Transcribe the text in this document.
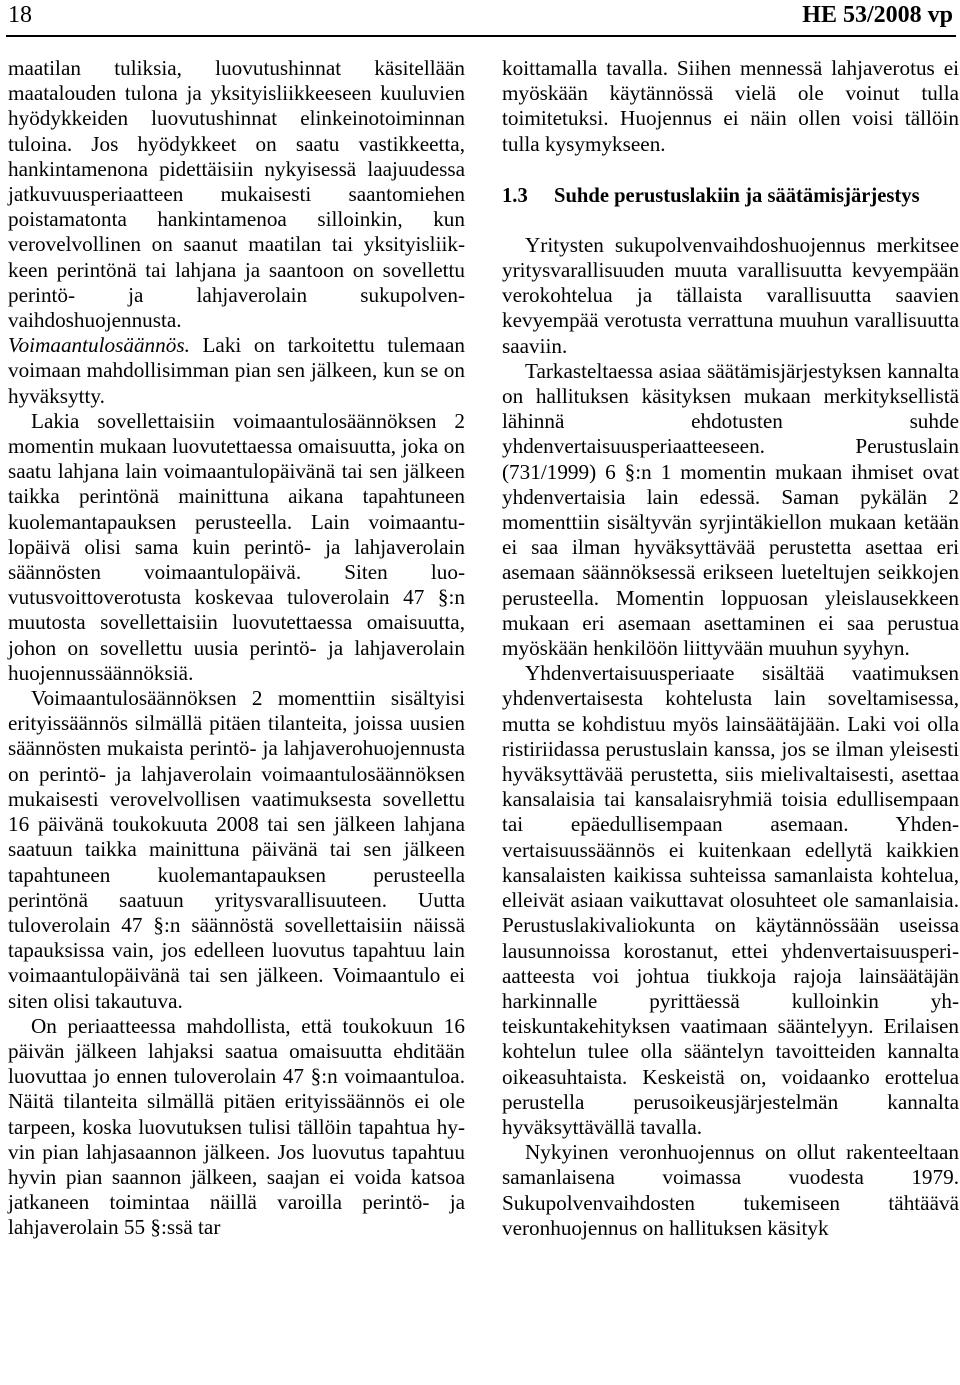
18	HE 53/2008 vp

maatilan tuliksia, luovutushinnat käsitellään maatalouden tulona ja yksityisliikkeeseen kuuluvien hyödykkeiden luovutushinnat elinkeinotoiminnan tuloina. Jos hyödykkeet on saatu vastikkeetta, hankintamenona pidettäisiin nykyisessä laajuudessa jatkuvuusperiaatteen mukaisesti saantomiehen poistamatonta hankintamenoa silloinkin, kun verovelvollinen on saanut maatilan tai yksityisliikkeen perintönä tai lahjana ja saantoon on sovellettu perintö- ja lahjaverolain sukupolvenvaihdoshuojennusta.

Voimaantulosäännös. Laki on tarkoitettu tulemaan voimaan mahdollisimman pian sen jälkeen, kun se on hyväksytty.

Lakia sovellettaisiin voimaantulosäännöksen 2 momentin mukaan luovutettaessa omaisuutta, joka on saatu lahjana lain voimaantulopäivänä tai sen jälkeen taikka perintönä mainittuna aikana tapahtuneen kuolemantapauksen perusteella. Lain voimaantulopäivä olisi sama kuin perintö- ja lahjaverolain säännösten voimaantulopäivä. Siten luovutusvoittoverotusta koskevaa tuloverolain 47 §:n muutosta sovellettaisiin luovutettaessa omaisuutta, johon on sovellettu uusia perintö- ja lahjaverolain huojennussäännöksiä.

Voimaantulosäännöksen 2 momenttiin sisältyisi erityissäännös silmällä pitäen tilanteita, joissa uusien säännösten mukaista perintö- ja lahjaverohuojennusta on perintö- ja lahjaverolain voimaantulosäännöksen mukaisesti verovelvollisen vaatimuksesta sovellettu 16 päivänä toukokuuta 2008 tai sen jälkeen lahjana saatuun taikka mainittuna päivänä tai sen jälkeen tapahtuneen kuolemantapauksen perusteella perintönä saatuun yritysvarallisuuteen. Uutta tuloverolain 47 §:n säännöstä sovellettaisiin näissä tapauksissa vain, jos edelleen luovutus tapahtuu lain voimaantulopäivänä tai sen jälkeen. Voimaantulo ei siten olisi takautuva.

On periaatteessa mahdollista, että toukokuun 16 päivän jälkeen lahjaksi saatua omaisuutta ehditään luovuttaa jo ennen tuloverolain 47 §:n voimaantuloa. Näitä tilanteita silmällä pitäen erityissäännös ei ole tarpeen, koska luovutuksen tulisi tällöin tapahtua hyvin pian lahjasaannon jälkeen. Jos luovutus tapahtuu hyvin pian saannon jälkeen, saajan ei voida katsoa jatkaneen toimintaa näillä varoilla perintö- ja lahjaverolain 55 §:ssä tar

koittamalla tavalla. Siihen mennessä lahjaverotus ei myöskään käytännössä vielä ole voinut tulla toimitetuksi. Huojennus ei näin ollen voisi tällöin tulla kysymykseen.

1.3	Suhde perustuslakiin ja säätämisjärjestys

Yritysten sukupolvenvaihdoshuojennus merkitsee yritysvarallisuuden muuta varallisuutta kevyempään verokohtelua ja tällaista varallisuutta saavien kevyempää verotusta verrattuna muuhun varallisuutta saaviin.

Tarkasteltaessa asiaa säätämisjärjestyksen kannalta on hallituksen käsityksen mukaan merkityksellistä lähinnä ehdotusten suhde yhdenvertaisuusperiaatteeseen. Perustuslain (731/1999) 6 §:n 1 momentin mukaan ihmiset ovat yhdenvertaisia lain edessä. Saman pykälän 2 momenttiin sisältyvän syrjintäkiellon mukaan ketään ei saa ilman hyväksyttävää perustetta asettaa eri asemaan säännöksessä erikseen lueteltujen seikkojen perusteella. Momentin loppuosan yleislausekkeen mukaan eri asemaan asettaminen ei saa perustua myöskään henkilöön liittyvään muuhun syyhyn.

Yhdenvertaisuusperiaate sisältää vaatimuksen yhdenvertaisesta kohtelusta lain soveltamisessa, mutta se kohdistuu myös lainsäätäjään. Laki voi olla ristiriidassa perustuslain kanssa, jos se ilman yleisesti hyväksyttävää perustetta, siis mielivaltaisesti, asettaa kansalaisia tai kansalaisryhmiä toisia edullisempaan tai epäedullisempaan asemaan. Yhdenvertaisuussäännös ei kuitenkaan edellytä kaikkien kansalaisten kaikissa suhteissa samanlaista kohtelua, elleivät asiaan vaikuttavat olosuhteet ole samanlaisia. Perustuslakivaliokunta on käytännössään useissa lausunnoissa korostanut, ettei yhdenvertaisuusperiaatteesta voi johtua tiukkoja rajoja lainsäätäjän harkinnalle pyrittäessä kulloinkin yhteiskuntakehityksen vaatimaan sääntelyyn. Erilaisen kohtelun tulee olla sääntelyn tavoitteiden kannalta oikeasuhtaista. Keskeistä on, voidaanko erottelua perustella perusoikeusjärjestelmän kannalta hyväksyttävällä tavalla.

Nykyinen veronhuojennus on ollut rakenteeltaan samanlaisena voimassa vuodesta 1979. Sukupolvenvaihdosten tukemiseen tähtäävä veronhuojennus on hallituksen käsityk
